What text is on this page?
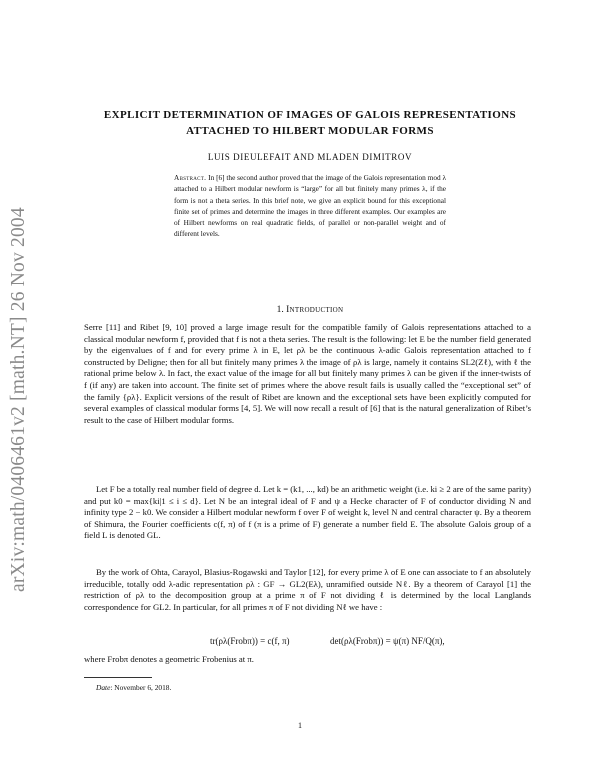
arXiv:math/0406461v2 [math.NT] 26 Nov 2004
EXPLICIT DETERMINATION OF IMAGES OF GALOIS REPRESENTATIONS ATTACHED TO HILBERT MODULAR FORMS
LUIS DIEULEFAIT AND MLADEN DIMITROV
Abstract. In [6] the second author proved that the image of the Galois representation mod λ attached to a Hilbert modular newform is “large” for all but finitely many primes λ, if the form is not a theta series. In this brief note, we give an explicit bound for this exceptional finite set of primes and determine the images in three different examples. Our examples are of Hilbert newforms on real quadratic fields, of parallel or non-parallel weight and of different levels.
1. Introduction
Serre [11] and Ribet [9, 10] proved a large image result for the compatible family of Galois representations attached to a classical modular newform f, provided that f is not a theta series. The result is the following: let E be the number field generated by the eigenvalues of f and for every prime λ in E, let ρλ be the continuous λ-adic Galois representation attached to f constructed by Deligne; then for all but finitely many primes λ the image of ρλ is large, namely it contains SL2(Zℓ), with ℓ the rational prime below λ. In fact, the exact value of the image for all but finitely many primes λ can be given if the inner-twists of f (if any) are taken into account. The finite set of primes where the above result fails is usually called the “exceptional set” of the family {ρλ}. Explicit versions of the result of Ribet are known and the exceptional sets have been explicitly computed for several examples of classical modular forms [4, 5]. We will now recall a result of [6] that is the natural generalization of Ribet’s result to the case of Hilbert modular forms.
Let F be a totally real number field of degree d. Let k = (k1, ..., kd) be an arithmetic weight (i.e. ki ≥ 2 are of the same parity) and put k0 = max{ki|1 ≤ i ≤ d}. Let N be an integral ideal of F and ψ a Hecke character of F of conductor dividing N and infinity type 2 − k0. We consider a Hilbert modular newform f over F of weight k, level N and central character ψ. By a theorem of Shimura, the Fourier coefficients c(f, π) of f (π is a prime of F) generate a number field E. The absolute Galois group of a field L is denoted GL.
By the work of Ohta, Carayol, Blasius-Rogawski and Taylor [12], for every prime λ of E one can associate to f an absolutely irreducible, totally odd λ-adic representation ρλ : GF → GL2(Eλ), unramified outside Nℓ. By a theorem of Carayol [1] the restriction of ρλ to the decomposition group at a prime π of F not dividing ℓ is determined by the local Langlands correspondence for GL2. In particular, for all primes π of F not dividing Nℓ we have :
tr(ρλ(Frobπ)) = c(f, π)	det(ρλ(Frobπ)) = ψ(π) NF/Q(π),
where Frobπ denotes a geometric Frobenius at π.
Date: November 6, 2018.
1
